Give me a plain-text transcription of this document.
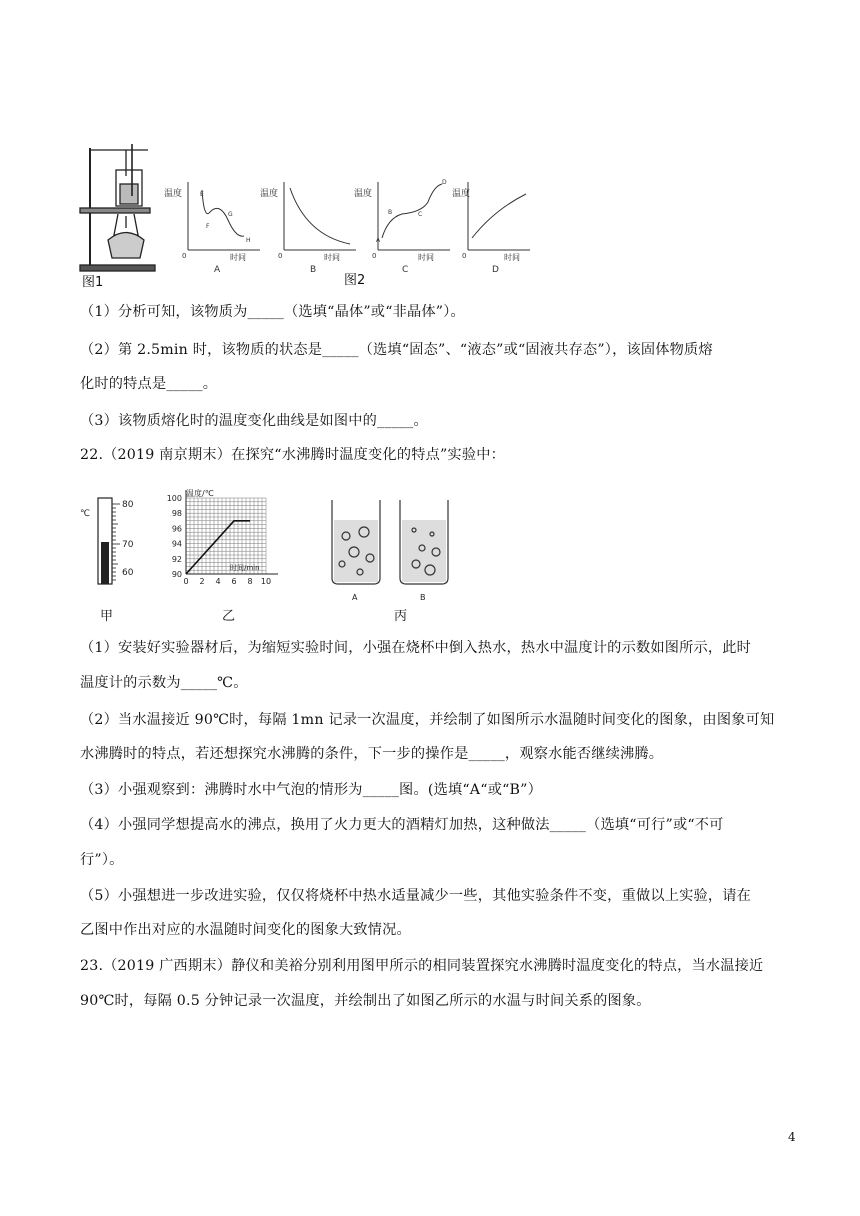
图1
温度	E
F
G
H
0	时间
A
温度
0	时间
B
温度
A
B	C
D
0	时间
C
温度
0	时间
D
图2
（1）分析可知，该物质为_____（选填“晶体”或“非晶体”）。
（2）第 2.5min 时，该物质的状态是_____（选填“固态”、“液态”或“固液共存态”），该固体物质熔
化时的特点是_____。
（3）该物质熔化时的温度变化曲线是如图中的_____。
22.（2019 南京期末）在探究“水沸腾时温度变化的特点”实验中：
℃
80
70
60
甲
温度/℃
时间/min
100
98
96
94
92
90
0 2 4 6 8 10
乙
A	B
丙
（1）安装好实验器材后，为缩短实验时间，小强在烧杯中倒入热水，热水中温度计的示数如图所示，此时
温度计的示数为_____℃。
（2）当水温接近 90℃时，每隔 1mn 记录一次温度，并绘制了如图所示水温随时间变化的图象，由图象可知
水沸腾时的特点，若还想探究水沸腾的条件，下一步的操作是_____，观察水能否继续沸腾。
（3）小强观察到：沸腾时水中气泡的情形为_____图。(选填“A“或“B”）
（4）小强同学想提高水的沸点，换用了火力更大的酒精灯加热，这种做法_____（选填“可行”或“不可
行”）。
（5）小强想进一步改进实验，仅仅将烧杯中热水适量减少一些，其他实验条件不变，重做以上实验，请在
乙图中作出对应的水温随时间变化的图象大致情况。
23.（2019 广西期末）静仪和美裕分别利用图甲所示的相同装置探究水沸腾时温度变化的特点，当水温接近
90℃时，每隔 0.5 分钟记录一次温度，并绘制出了如图乙所示的水温与时间关系的图象。
4
